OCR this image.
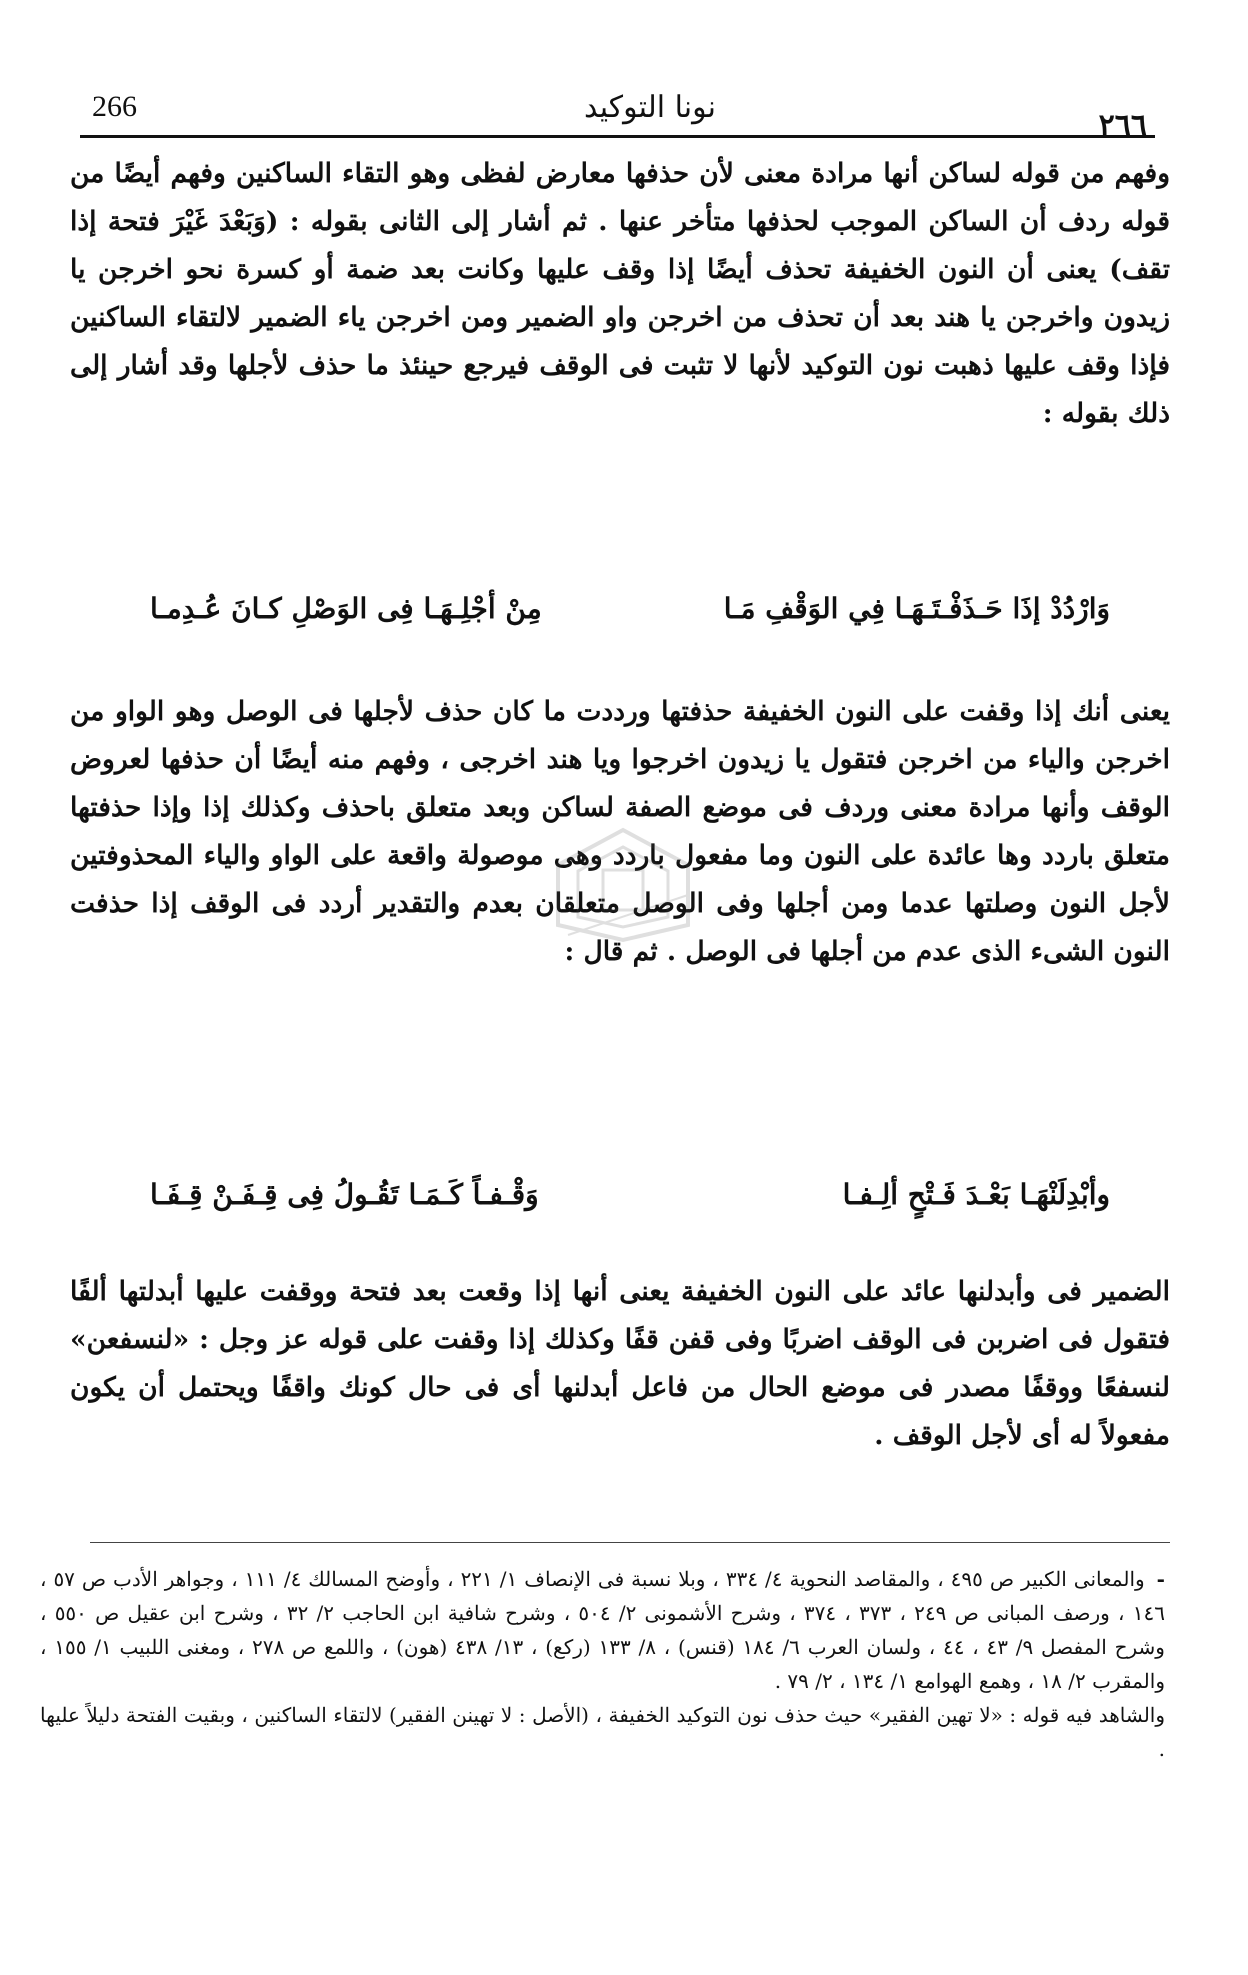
266	نونا التوكيد
٢٦٦

وفهم من قوله لساكن أنها مرادة معنى لأن حذفها معارض لفظى وهو التقاء الساكنين وفهم أيضًا من قوله ردف أن الساكن الموجب لحذفها متأخر عنها . ثم أشار إلى الثانى بقوله : (وَبَعْدَ غَيْرَ فتحة إذا تقف) يعنى أن النون الخفيفة تحذف أيضًا إذا وقف عليها وكانت بعد ضمة أو كسرة نحو اخرجن يا زيدون واخرجن يا هند بعد أن تحذف من اخرجن واو الضمير ومن اخرجن ياء الضمير لالتقاء الساكنين فإذا وقف عليها ذهبت نون التوكيد لأنها لا تثبت فى الوقف فيرجع حينئذ ما حذف لأجلها وقد أشار إلى ذلك بقوله :

وَارْدُدْ إذَا حَـذَفْـتَـهَـا فِي الوَقْفِ مَـا
مِنْ أجْلِـهَـا فِى الوَصْلِ كـانَ عُـدِمـا

يعنى أنك إذا وقفت على النون الخفيفة حذفتها ورددت ما كان حذف لأجلها فى الوصل وهو الواو من اخرجن والياء من اخرجن فتقول يا زيدون اخرجوا ويا هند اخرجى ، وفهم منه أيضًا أن حذفها لعروض الوقف وأنها مرادة معنى وردف فى موضع الصفة لساكن وبعد متعلق باحذف وكذلك إذا وإذا حذفتها متعلق باردد وها عائدة على النون وما مفعول باردد وهى موصولة واقعة على الواو والياء المحذوفتين لأجل النون وصلتها عدما ومن أجلها وفى الوصل متعلقان بعدم والتقدير أردد فى الوقف إذا حذفت النون الشىء الذى عدم من أجلها فى الوصل . ثم قال :

وأبْدِلَنْهَـا بَعْـدَ فَـتْحٍ ألِـفـا
وَقْـفـاً كَـمَـا تَقُـولُ فِى قِـفَـنْ قِـفَـا

الضمير فى وأبدلنها عائد على النون الخفيفة يعنى أنها إذا وقعت بعد فتحة ووقفت عليها أبدلتها ألفًا فتقول فى اضربن فى الوقف اضربًا وفى قفن قفًا وكذلك إذا وقفت على قوله عز وجل : «لنسفعن» لنسفعًا ووقفًا مصدر فى موضع الحال من فاعل أبدلنها أى فى حال كونك واقفًا ويحتمل أن يكون مفعولاً له أى لأجل الوقف .

-والمعانى الكبير ص ٤٩٥ ، والمقاصد النحوية ٤/ ٣٣٤ ، وبلا نسبة فى الإنصاف ١/ ٢٢١ ، وأوضح المسالك ٤/ ١١١ ، وجواهر الأدب ص ٥٧ ، ١٤٦ ، ورصف المبانى ص ٢٤٩ ، ٣٧٣ ، ٣٧٤ ، وشرح الأشمونى ٢/ ٥٠٤ ، وشرح شافية ابن الحاجب ٢/ ٣٢ ، وشرح ابن عقيل ص ٥٥٠ ، وشرح المفصل ٩/ ٤٣ ، ٤٤ ، ولسان العرب ٦/ ١٨٤ (قنس) ، ٨/ ١٣٣ (ركع) ، ١٣/ ٤٣٨ (هون) ، واللمع ص ٢٧٨ ، ومغنى اللبيب ١/ ١٥٥ ، والمقرب ٢/ ١٨ ، وهمع الهوامع ١/ ١٣٤ ، ٢/ ٧٩ .

والشاهد فيه قوله : «لا تهين الفقير» حيث حذف نون التوكيد الخفيفة ، (الأصل : لا تهينن الفقير) لالتقاء الساكنين ، وبقيت الفتحة دليلاً عليها .
